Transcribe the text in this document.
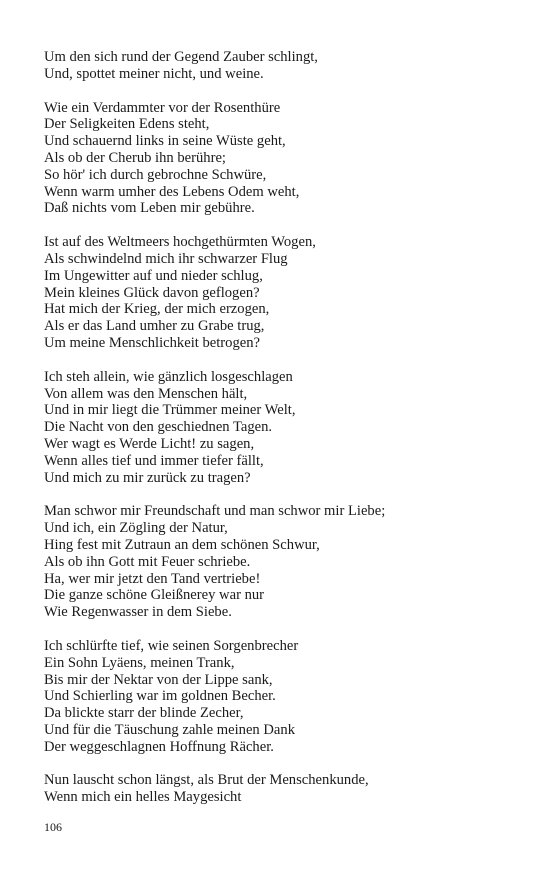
Um den sich rund der Gegend Zauber schlingt,
Und, spottet meiner nicht, und weine.
Wie ein Verdammter vor der Rosenthüre
Der Seligkeiten Edens steht,
Und schauernd links in seine Wüste geht,
Als ob der Cherub ihn berühre;
So hör' ich durch gebrochne Schwüre,
Wenn warm umher des Lebens Odem weht,
Daß nichts vom Leben mir gebühre.
Ist auf des Weltmeers hochgethürmten Wogen,
Als schwindelnd mich ihr schwarzer Flug
Im Ungewitter auf und nieder schlug,
Mein kleines Glück davon geflogen?
Hat mich der Krieg, der mich erzogen,
Als er das Land umher zu Grabe trug,
Um meine Menschlichkeit betrogen?
Ich steh allein, wie gänzlich losgeschlagen
Von allem was den Menschen hält,
Und in mir liegt die Trümmer meiner Welt,
Die Nacht von den geschiednen Tagen.
Wer wagt es Werde Licht! zu sagen,
Wenn alles tief und immer tiefer fällt,
Und mich zu mir zurück zu tragen?
Man schwor mir Freundschaft und man schwor mir Liebe;
Und ich, ein Zögling der Natur,
Hing fest mit Zutraun an dem schönen Schwur,
Als ob ihn Gott mit Feuer schriebe.
Ha, wer mir jetzt den Tand vertriebe!
Die ganze schöne Gleißnerey war nur
Wie Regenwasser in dem Siebe.
Ich schlürfte tief, wie seinen Sorgenbrecher
Ein Sohn Lyäens, meinen Trank,
Bis mir der Nektar von der Lippe sank,
Und Schierling war im goldnen Becher.
Da blickte starr der blinde Zecher,
Und für die Täuschung zahle meinen Dank
Der weggeschlagnen Hoffnung Rächer.
Nun lauscht schon längst, als Brut der Menschenkunde,
Wenn mich ein helles Maygesicht
106
